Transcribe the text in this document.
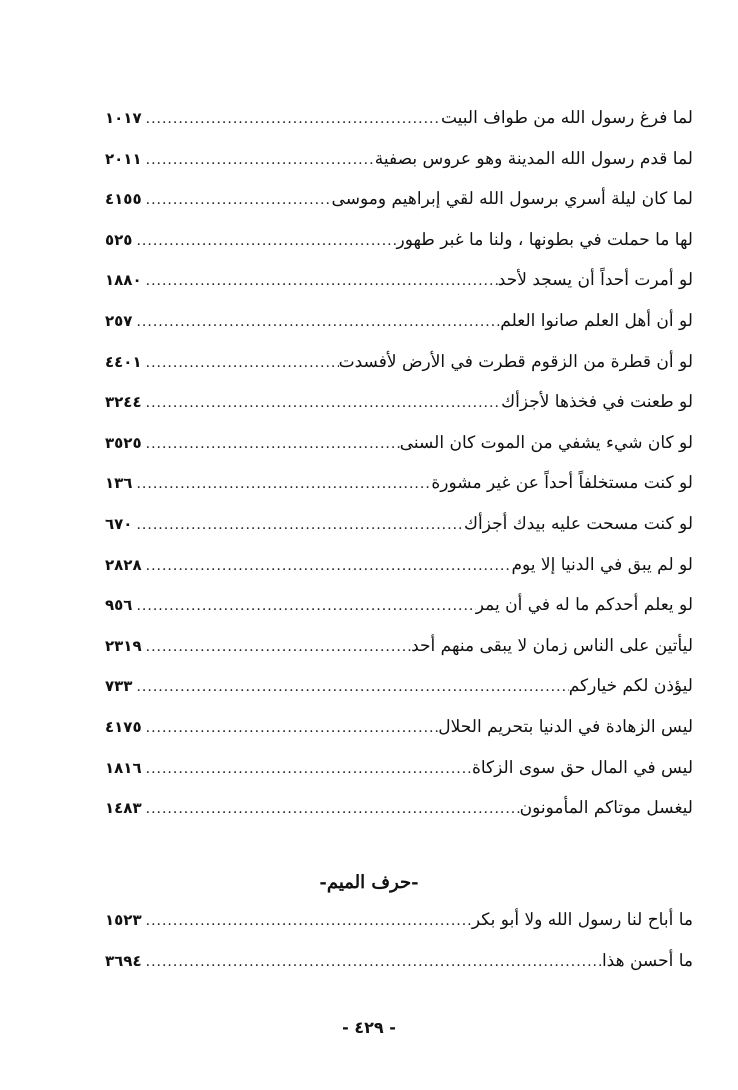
لما فرغ رسول الله من طواف البيت
.....
١٠١٧
لما قدم رسول الله المدينة وهو عروس بصفية
.....
٢٠١١
لما كان ليلة أسري برسول الله لقي إبراهيم وموسى
.....
٤١٥٥
لها ما حملت في بطونها ، ولنا ما غبر طهور
.....
٥٢٥
لو أمرت أحداً أن يسجد لأحد
.....
١٨٨٠
لو أن أهل العلم صانوا العلم
.....
٢٥٧
لو أن قطرة من الزقوم قطرت في الأرض لأفسدت
.....
٤٤٠١
لو طعنت في فخذها لأجزأك
.....
٣٢٤٤
لو كان شيء يشفي من الموت كان السنى
.....
٣٥٢٥
لو كنت مستخلفاً أحداً عن غير مشورة
.....
١٣٦
لو كنت مسحت عليه بيدك أجزأك
.....
٦٧٠
لو لم يبق في الدنيا إلا يوم
.....
٢٨٢٨
لو يعلم أحدكم ما له في أن يمر
.....
٩٥٦
ليأتين على الناس زمان لا يبقى منهم أحد
.....
٢٣١٩
ليؤذن لكم خياركم
.....
٧٣٣
ليس الزهادة في الدنيا بتحريم الحلال
.....
٤١٧٥
ليس في المال حق سوى الزكاة
.....
١٨١٦
ليغسل موتاكم المأمونون
.....
١٤٨٣
-حرف الميم-
ما أباح لنا رسول الله ولا أبو بكر
.....
١٥٢٣
ما أحسن هذا
.....
٣٦٩٤
- ٤٢٩ -
